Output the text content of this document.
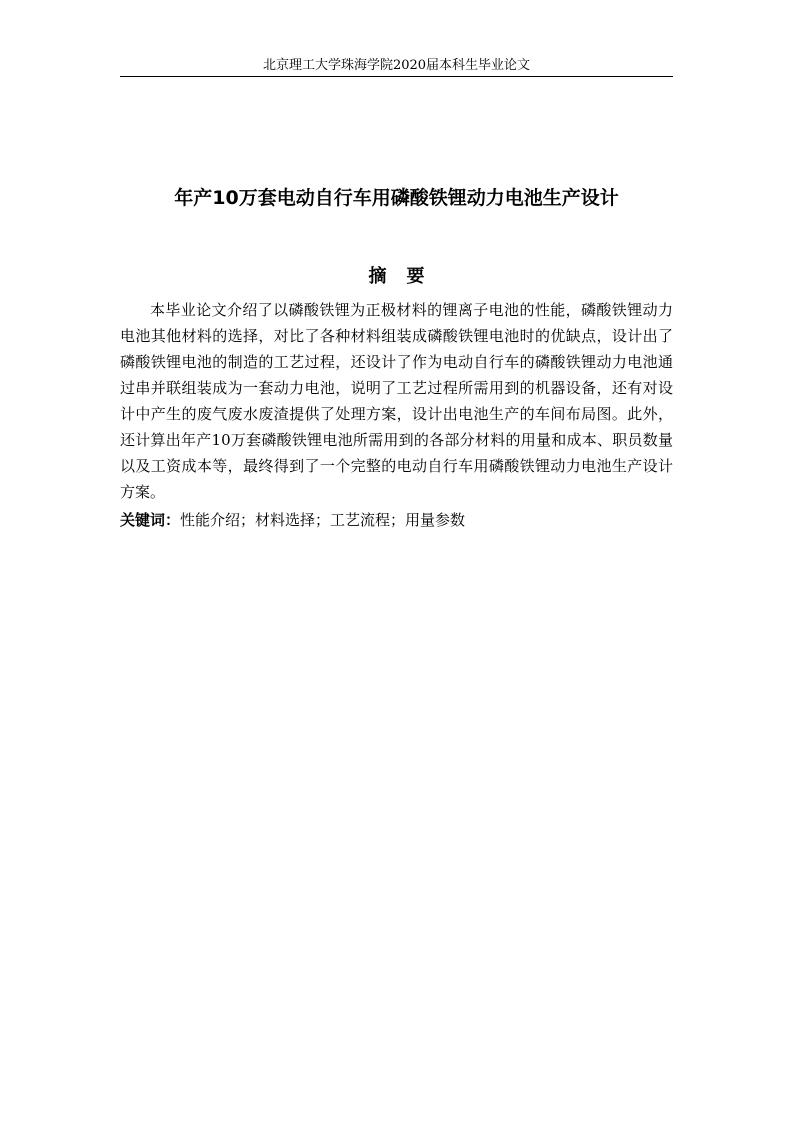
北京理工大学珠海学院2020届本科生毕业论文
年产10万套电动自行车用磷酸铁锂动力电池生产设计
摘要

本毕业论文介绍了以磷酸铁锂为正极材料的锂离子电池的性能，磷酸铁锂动力电池其他材料的选择，对比了各种材料组装成磷酸铁锂电池时的优缺点，设计出了磷酸铁锂电池的制造的工艺过程，还设计了作为电动自行车的磷酸铁锂动力电池通过串并联组装成为一套动力电池，说明了工艺过程所需用到的机器设备，还有对设计中产生的废气废水废渣提供了处理方案，设计出电池生产的车间布局图。此外，还计算出年产10万套磷酸铁锂电池所需用到的各部分材料的用量和成本、职员数量以及工资成本等，最终得到了一个完整的电动自行车用磷酸铁锂动力电池生产设计方案。

关键词：性能介绍；材料选择；工艺流程；用量参数
